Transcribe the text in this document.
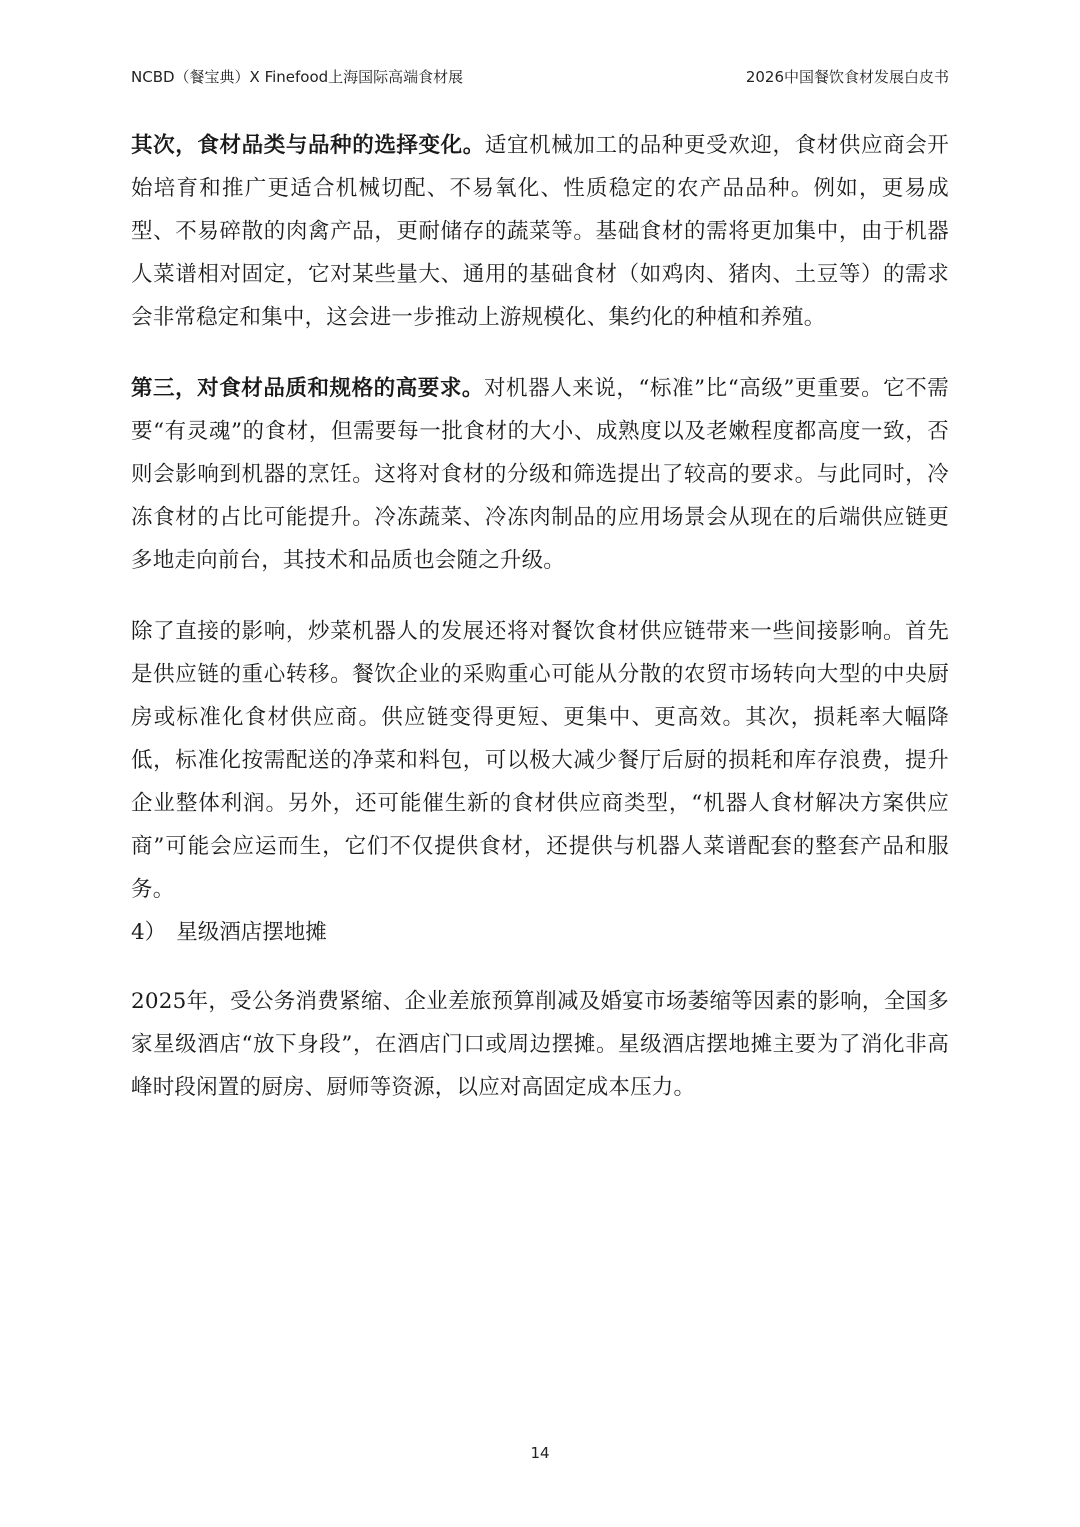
NCBD（餐宝典）X Finefood上海国际高端食材展	2026中国餐饮食材发展白皮书

其次，食材品类与品种的选择变化。适宜机械加工的品种更受欢迎，食材供应商会开始培育和推广更适合机械切配、不易氧化、性质稳定的农产品品种。例如，更易成型、不易碎散的肉禽产品，更耐储存的蔬菜等。基础食材的需将更加集中，由于机器人菜谱相对固定，它对某些量大、通用的基础食材（如鸡肉、猪肉、土豆等）的需求会非常稳定和集中，这会进一步推动上游规模化、集约化的种植和养殖。

第三，对食材品质和规格的高要求。对机器人来说，“标准”比“高级”更重要。它不需要“有灵魂”的食材，但需要每一批食材的大小、成熟度以及老嫩程度都高度一致，否则会影响到机器的烹饪。这将对食材的分级和筛选提出了较高的要求。与此同时，冷冻食材的占比可能提升。冷冻蔬菜、冷冻肉制品的应用场景会从现在的后端供应链更多地走向前台，其技术和品质也会随之升级。

除了直接的影响，炒菜机器人的发展还将对餐饮食材供应链带来一些间接影响。首先是供应链的重心转移。餐饮企业的采购重心可能从分散的农贸市场转向大型的中央厨房或标准化食材供应商。供应链变得更短、更集中、更高效。其次，损耗率大幅降低，标准化按需配送的净菜和料包，可以极大减少餐厅后厨的损耗和库存浪费，提升企业整体利润。另外，还可能催生新的食材供应商类型，“机器人食材解决方案供应商”可能会应运而生，它们不仅提供食材，还提供与机器人菜谱配套的整套产品和服务。

4） 星级酒店摆地摊

2025年，受公务消费紧缩、企业差旅预算削减及婚宴市场萎缩等因素的影响，全国多家星级酒店“放下身段”，在酒店门口或周边摆摊。星级酒店摆地摊主要为了消化非高峰时段闲置的厨房、厨师等资源，以应对高固定成本压力。

14
